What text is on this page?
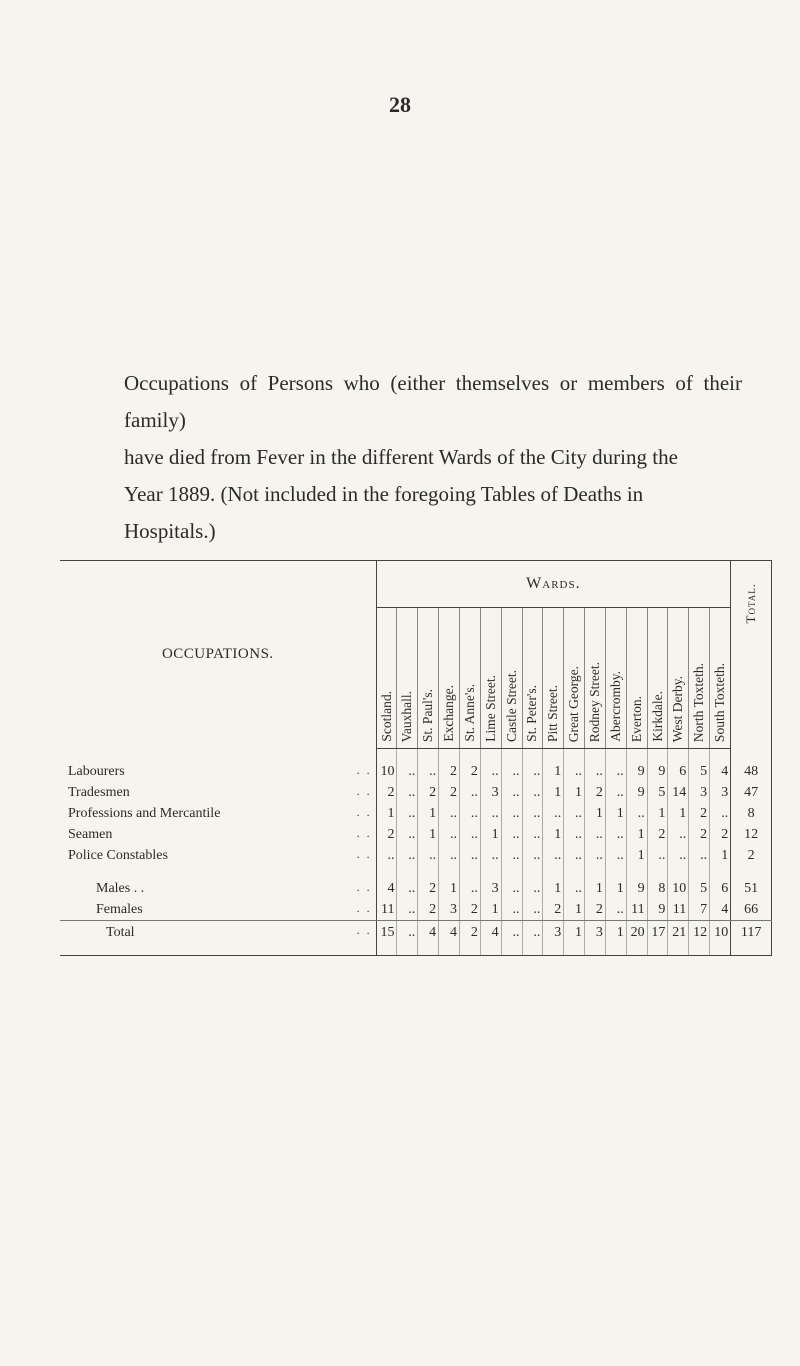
28

Occupations of Persons who (either themselves or members of their family)

have died from Fever in the different Wards of the City during the

Year 1889. (Not included in the foregoing Tables of Deaths in

Hospitals.)

OCCUPATIONS.	Wards.																	Total.

	Scotland.	Vauxhall.	St. Paul's.	Exchange.	St. Anne's.	Lime Street.	Castle Street.	St. Peter's.	Pitt Street.	Great George.	Rodney Street.	Abercromby.	Everton.	Kirkdale.	West Derby.	North Toxteth.	South Toxteth.	

Labourers . .	10	..	..	2	2	..	..	..	1	..	..	..	9	9	6	5	4	48
Tradesmen . .	2	..	2	2	..	3	..	..	1	1	2	..	9	5	14	3	3	47
Professions and Mercantile . .	1	..	1	..	..	..	..	..	..	..	1	1	..	1	1	2	..	8
Seamen . .	2	..	1	..	..	1	..	..	1	..	..	..	1	2	..	2	2	12
Police Constables . .	..	..	..	..	..	..	..	..	..	..	..	..	1	..	..	..	1	2

Males . . . .	4	..	2	1	..	3	..	..	1	..	1	1	9	8	10	5	6	51
Females . .	11	..	2	3	2	1	..	..	2	1	2	..	11	9	11	7	4	66
Total . .	15	..	4	4	2	4	..	..	3	1	3	1	20	17	21	12	10	117
